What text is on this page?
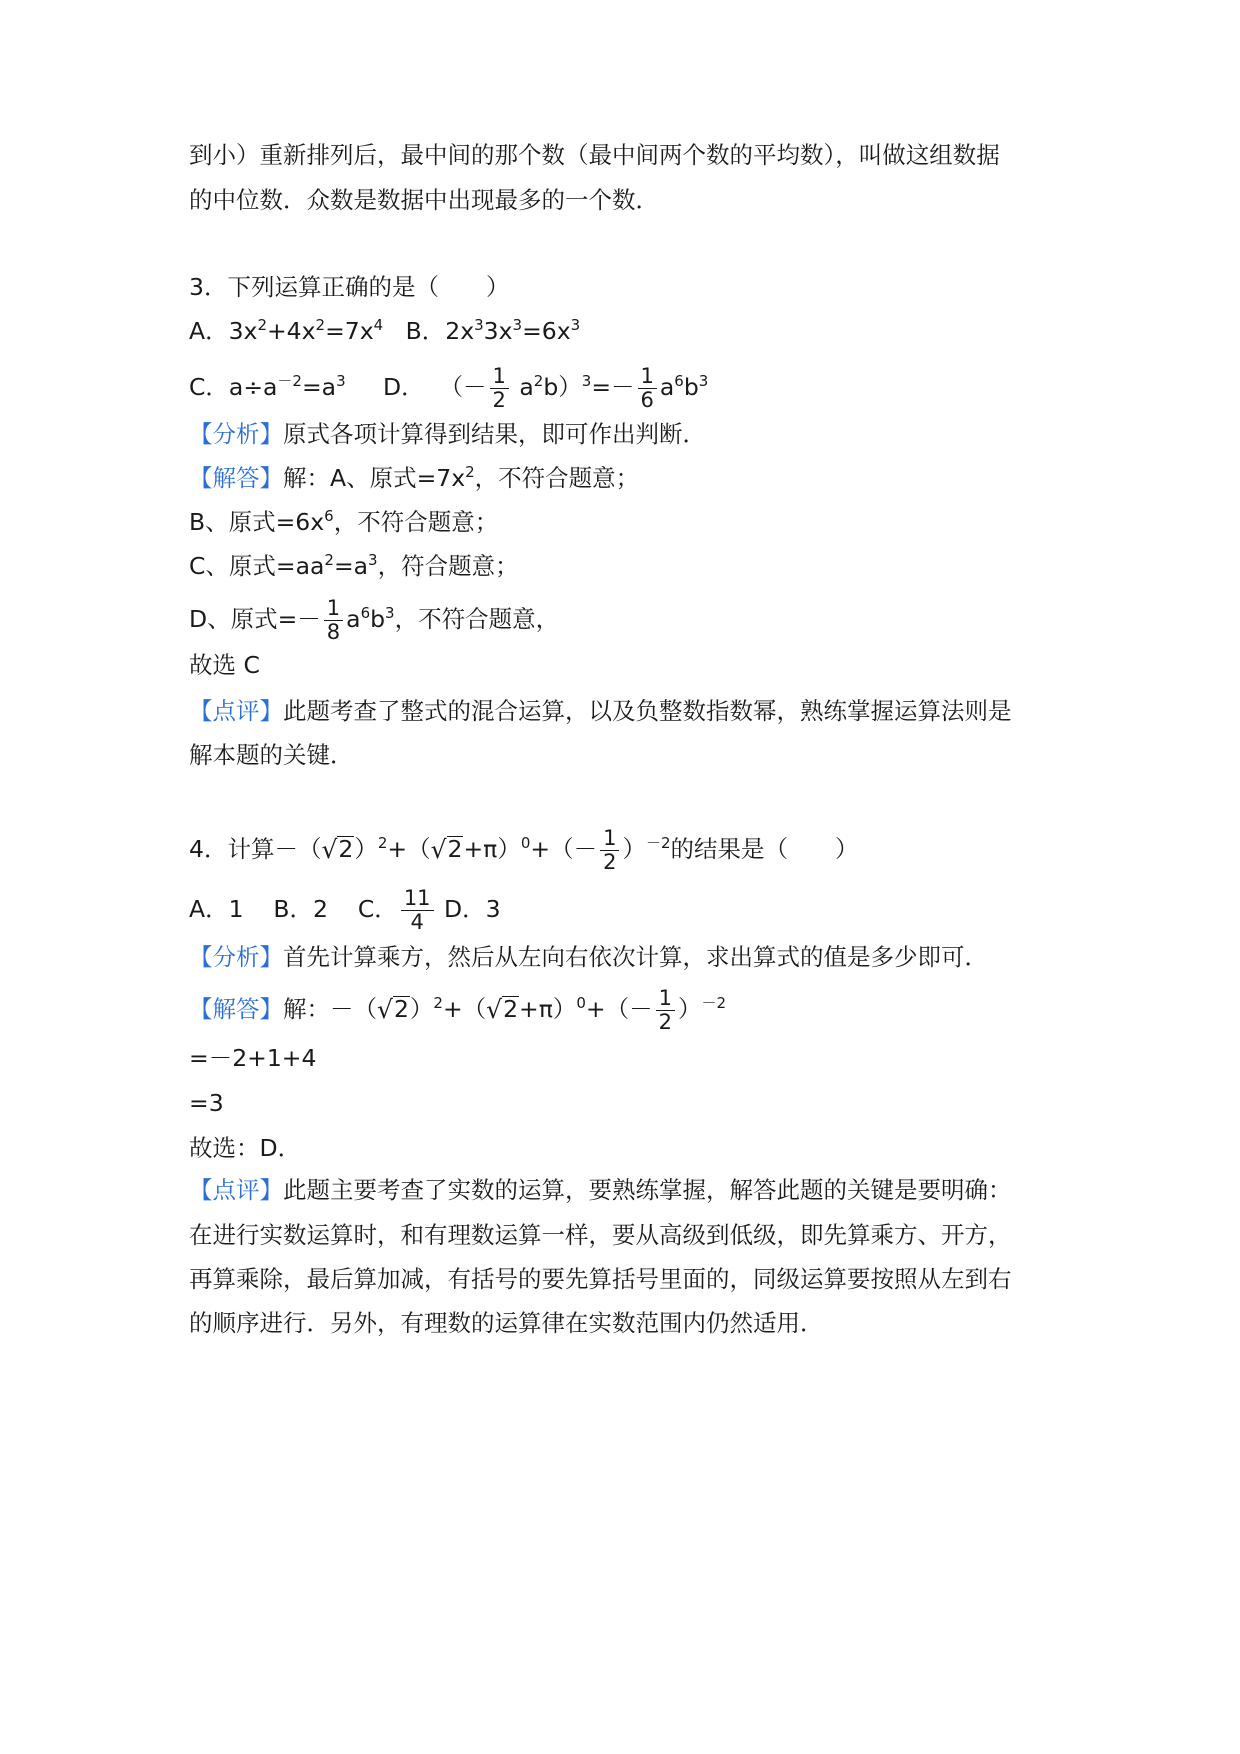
到小）重新排列后，最中间的那个数（最中间两个数的平均数），叫做这组数据
的中位数．众数是数据中出现最多的一个数．
3．下列运算正确的是（　　）
A．$3x^2+4x^2=7x^4$ B．$2x^33x^3=6x^3$
C．$a\div a^{-2}=a^3$ D． （－ $\frac{1}{2} a^2b)^3=- \frac{1}{6} a^6b^3$
【分析】原式各项计算得到结果，即可作出判断．
【解答】解：A、原式$=7x^2$，不符合题意；
B、原式$=6x^6$，不符合题意；
C、原式$=aa^2=a^3$，符合题意；
D、原式=－ $\frac{1}{8} a^6b^3$，不符合题意，
故选 C
【点评】此题考查了整式的混合运算，以及负整数指数幂，熟练掌握运算法则是
解本题的关键．
4．计算$-(√2)^2+(√2+\pi)^0+(- \frac{1}{2} )^{-2}$的结果是（　　）
A．1 B．2 C． $\frac{11}{4}$ D．3
【分析】首先计算乘方，然后从左向右依次计算，求出算式的值是多少即可．
【解答】解：$-(√2)^2+(√2+\pi)^0+(- \frac{1}{2} )^{-2}$
=－2+1+4
=3
故选：D．
【点评】此题主要考查了实数的运算，要熟练掌握，解答此题的关键是要明确：
在进行实数运算时，和有理数运算一样，要从高级到低级，即先算乘方、开方，
再算乘除，最后算加减，有括号的要先算括号里面的，同级运算要按照从左到右
的顺序进行．另外，有理数的运算律在实数范围内仍然适用．
